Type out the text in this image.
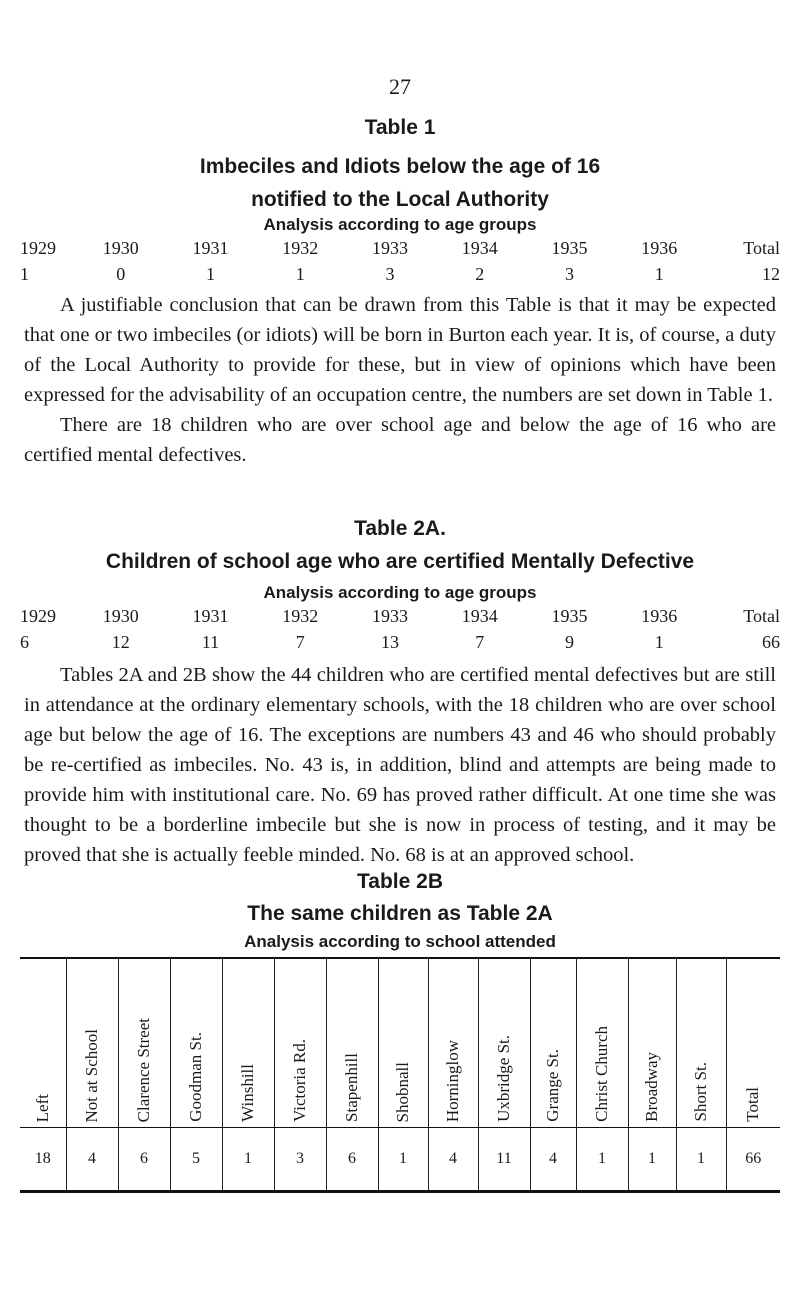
27
Table 1
Imbeciles and Idiots below the age of 16 notified to the Local Authority
Analysis according to age groups
1929	1930	1931	1932	1933	1934	1935	1936	Total
1	0	1	1	3	2	3	1	12

A justifiable conclusion that can be drawn from this Table is that it may be expected that one or two imbeciles (or idiots) will be born in Burton each year. It is, of course, a duty of the Local Authority to provide for these, but in view of opinions which have been expressed for the advisability of an occupation centre, the numbers are set down in Table 1.

There are 18 children who are over school age and below the age of 16 who are certified mental defectives.

Table 2A.
Children of school age who are certified Mentally Defective
Analysis according to age groups
1929	1930	1931	1932	1933	1934	1935	1936	Total
6	12	11	7	13	7	9	1	66

Tables 2A and 2B show the 44 children who are certified mental defectives but are still in attendance at the ordinary elementary schools, with the 18 children who are over school age but below the age of 16. The exceptions are numbers 43 and 46 who should probably be re-certified as imbeciles. No. 43 is, in addition, blind and attempts are being made to provide him with institutional care. No. 69 has proved rather difficult. At one time she was thought to be a borderline imbecile but she is now in process of testing, and it may be proved that she is actually feeble minded. No. 68 is at an approved school.

Table 2B
The same children as Table 2A
Analysis according to school attended
Left	Not at School	Clarence Street	Goodman St.	Winshill	Victoria Rd.	Stapenhill	Shobnall	Horninglow	Uxbridge St.	Grange St.	Christ Church	Broadway	Short St.	Total
18	4	6	5	1	3	6	1	4	11	4	1	1	1	66
